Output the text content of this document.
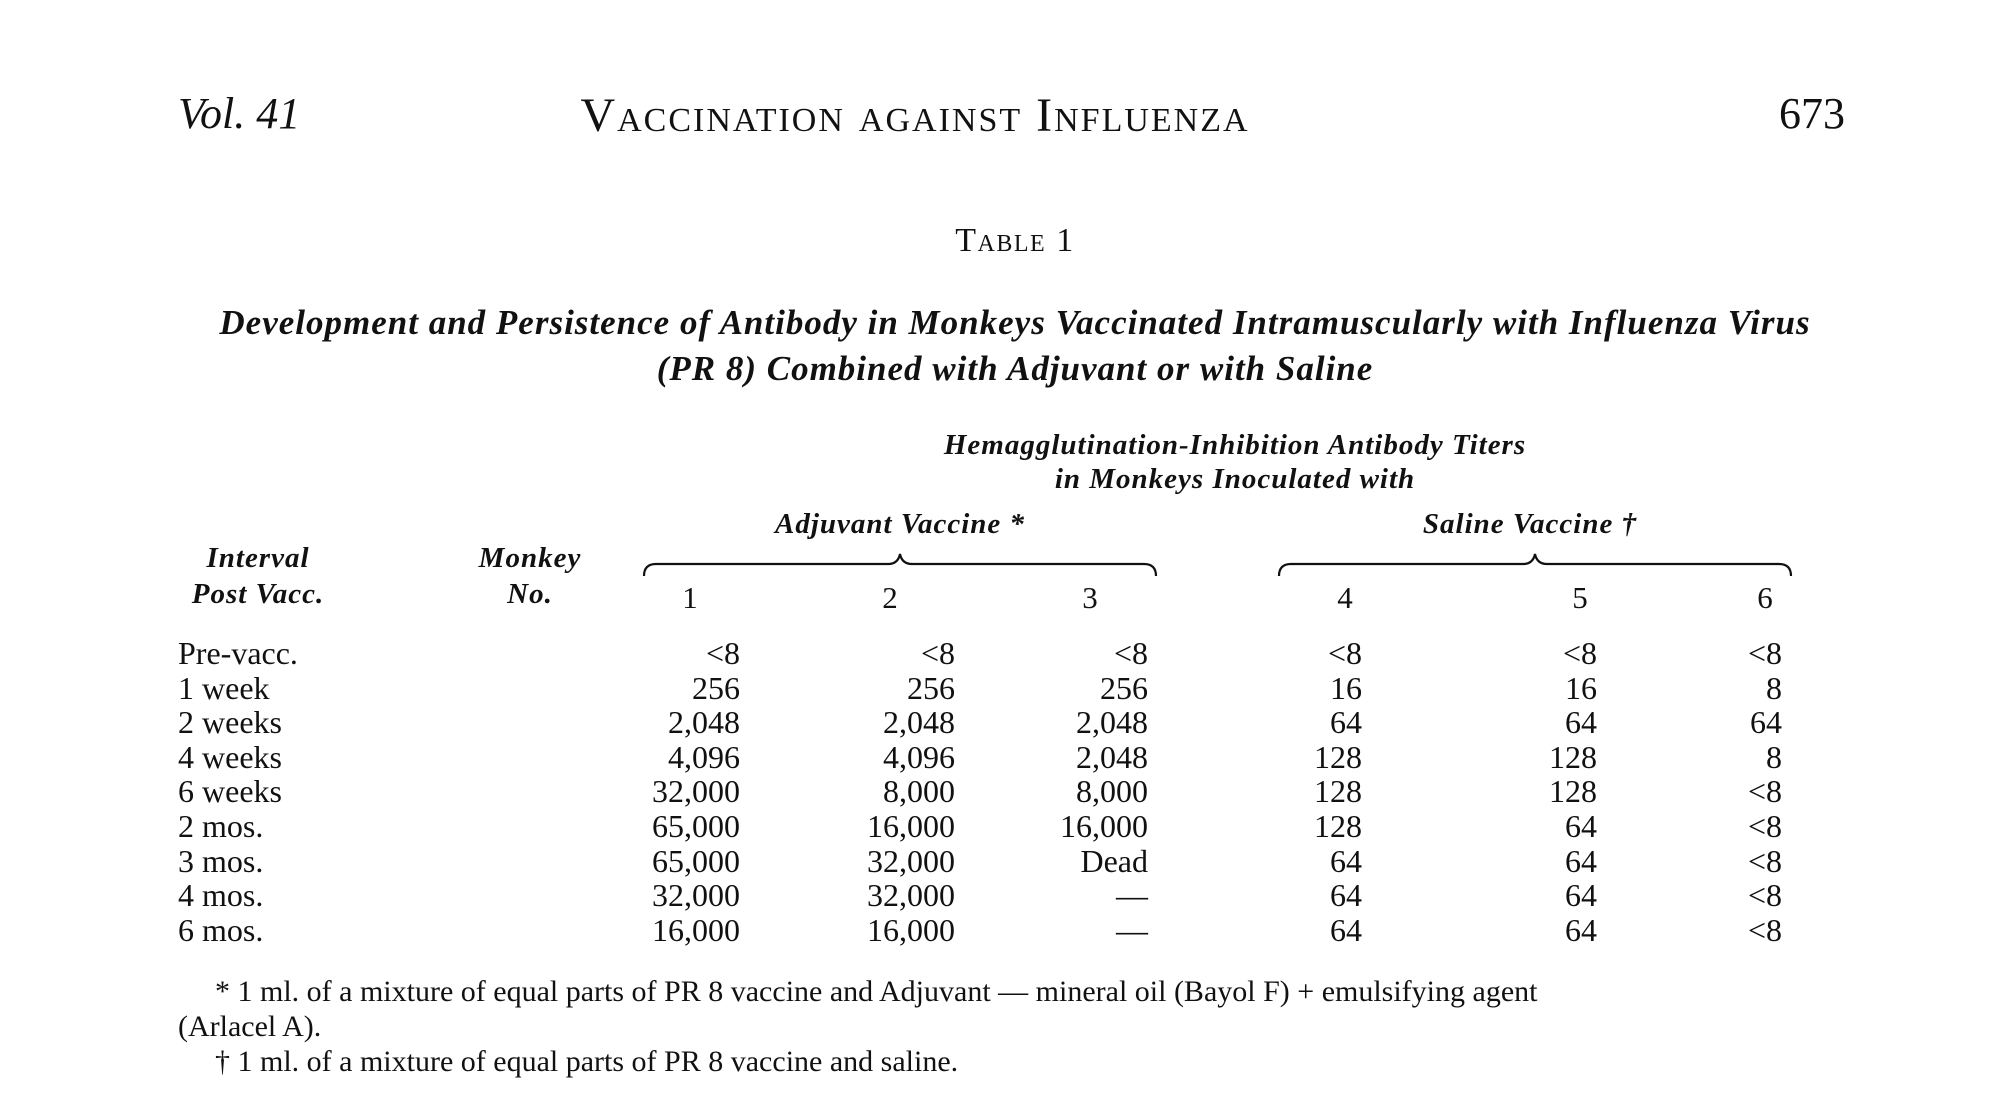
Vol. 41	Vaccination against Influenza	673
Table 1
Development and Persistence of Antibody in Monkeys Vaccinated Intramuscularly with Influenza Virus (PR 8) Combined with Adjuvant or with Saline
Hemagglutination-Inhibition Antibody Titers
in Monkeys Inoculated with
Adjuvant Vaccine *	Saline Vaccine †
Interval
Post Vacc.
Monkey
No.	1	2	3	4	5	6
Pre-vacc.	<8	<8	<8	<8	<8	<8
1 week	256	256	256	16	16	8
2 weeks	2,048	2,048	2,048	64	64	64
4 weeks	4,096	4,096	2,048	128	128	8
6 weeks	32,000	8,000	8,000	128	128	<8
2 mos.	65,000	16,000	16,000	128	64	<8
3 mos.	65,000	32,000	Dead	64	64	<8
4 mos.	32,000	32,000	—	64	64	<8
6 mos.	16,000	16,000	—	64	64	<8
* 1 ml. of a mixture of equal parts of PR 8 vaccine and Adjuvant — mineral oil (Bayol F) + emulsifying agent
(Arlacel A).
† 1 ml. of a mixture of equal parts of PR 8 vaccine and saline.
